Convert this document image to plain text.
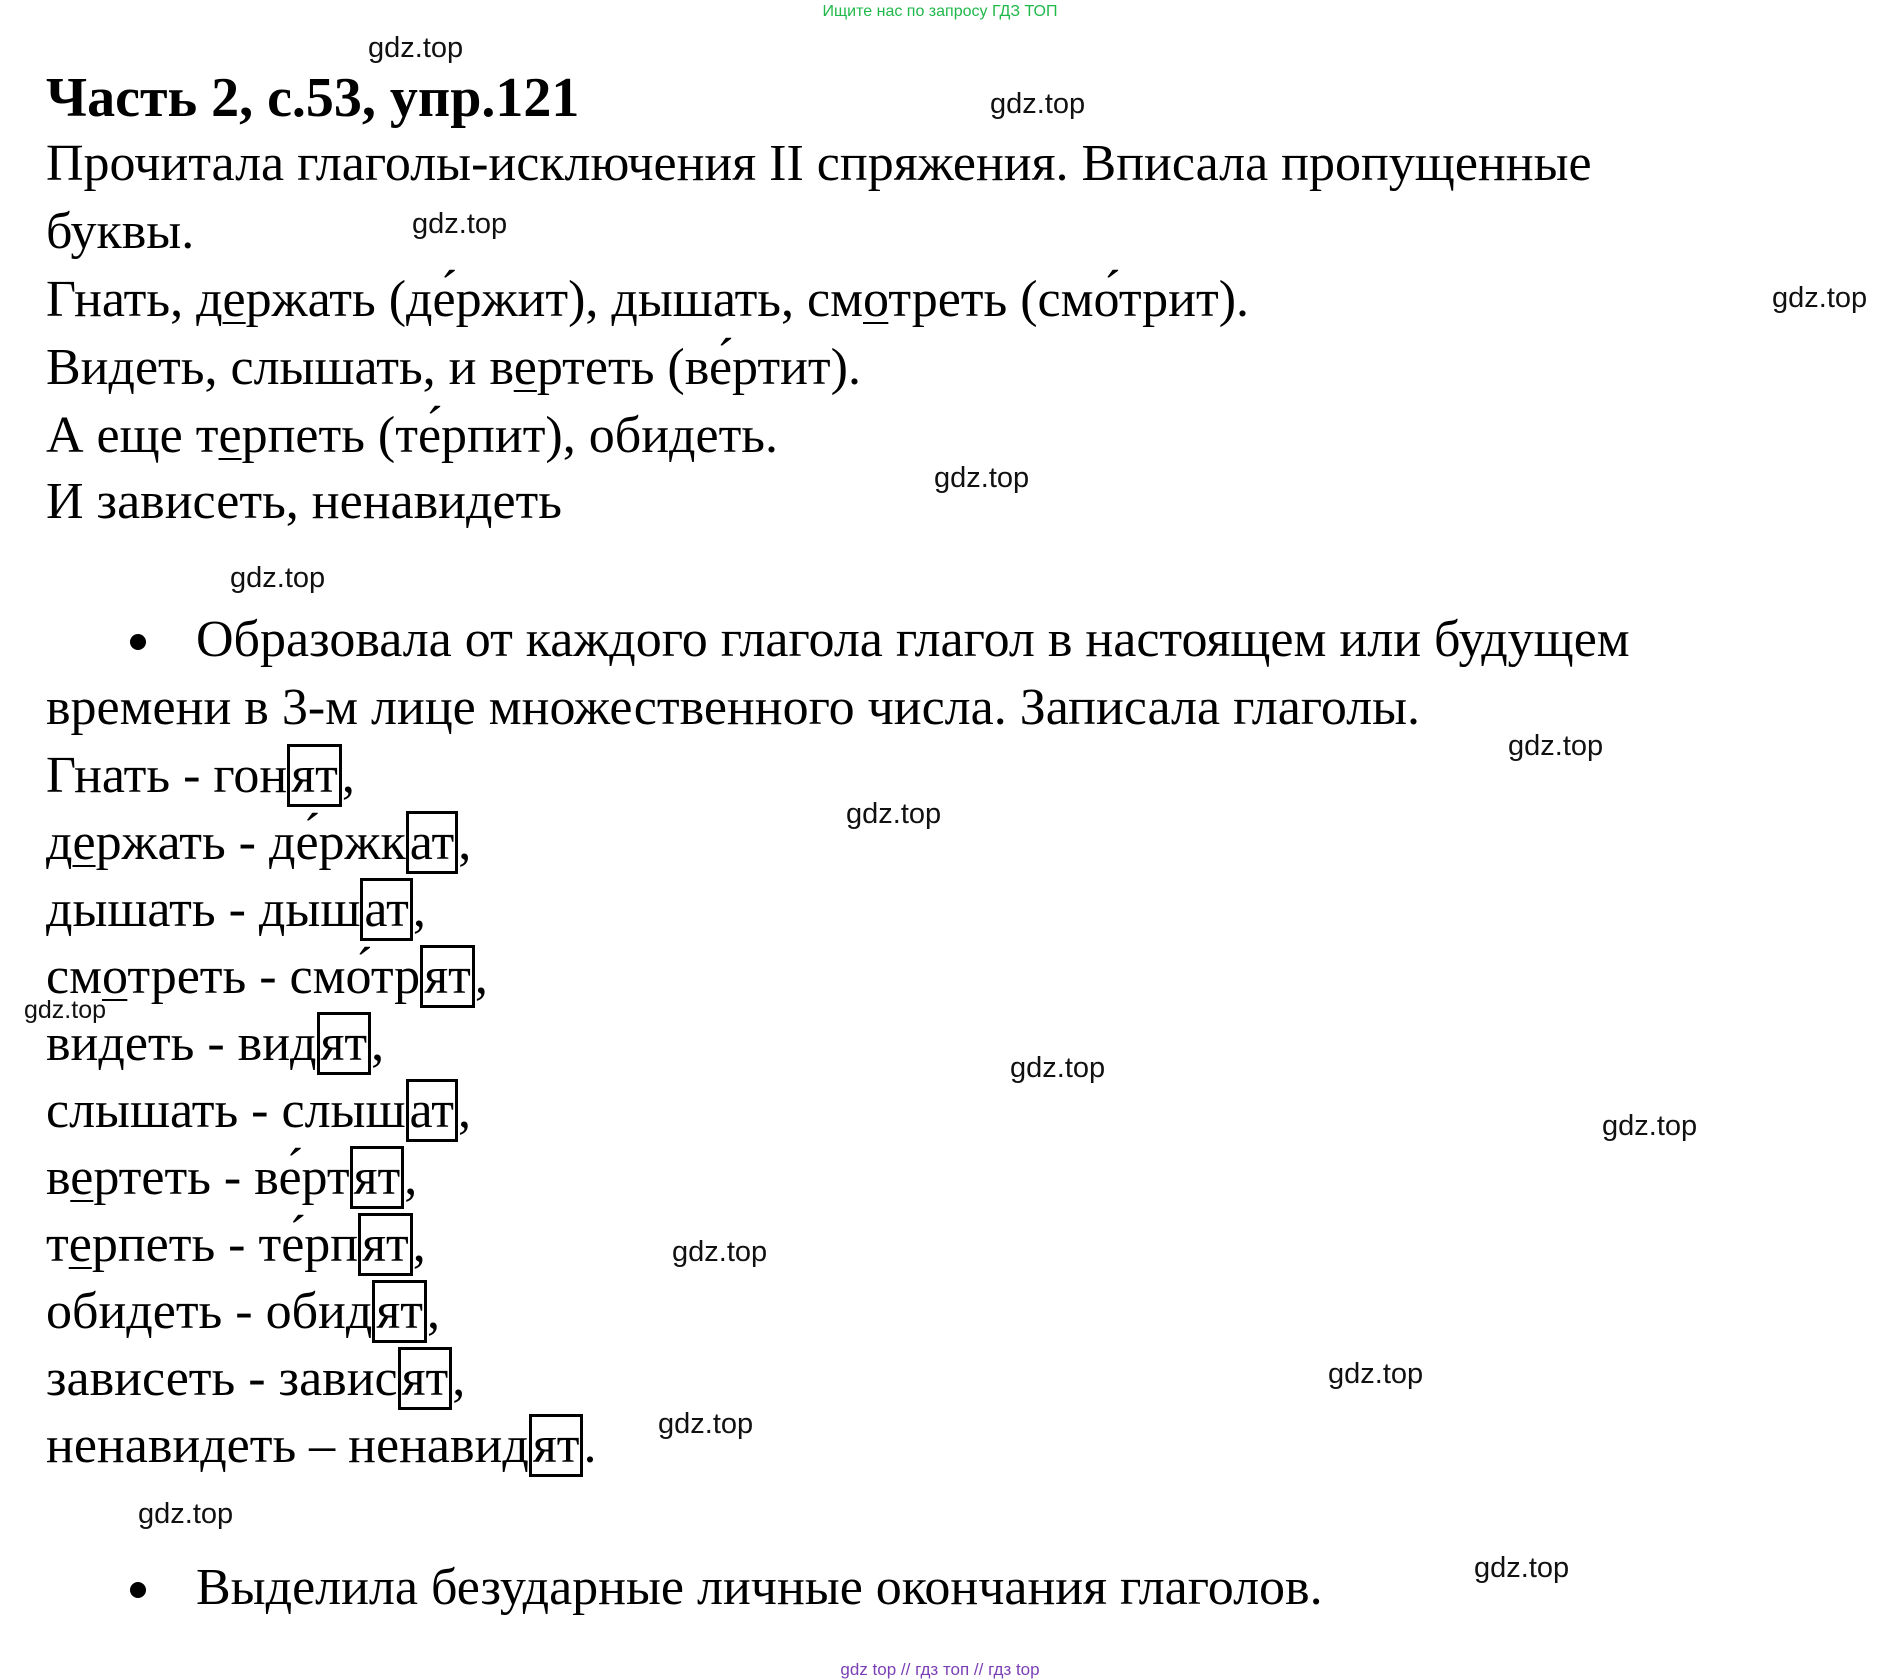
Ищите нас по запросу ГДЗ ТОП
Часть 2, с.53, упр.121
Прочитала глаголы-исключения II спряжения. Вписала пропущенные
буквы.
Гнать, держать (де́ржит), дышать, смотреть (смо́трит).
Видеть, слышать, и вертеть (ве́ртит).
А еще терпеть (те́рпит), обидеть.
И зависеть, ненавидеть
Образовала от каждого глагола глагол в настоящем или будущем
времени в 3-м лице множественного числа. Записала глаголы.
Гнать - гонят,
держать - де́ржкат,
дышать - дышат,
смотреть - смо́трят,
видеть - видят,
слышать - слышат,
вертеть - ве́ртят,
терпеть - те́рпят,
обидеть - обидят,
зависеть - зависят,
ненавидеть – ненавидят.
Выделила безударные личные окончания глаголов.
gdz.top
gdz.top
gdz.top
gdz.top
gdz.top
gdz.top
gdz.top
gdz.top
gdz.top
gdz.top
gdz.top
gdz.top
gdz.top
gdz.top
gdz.top
gdz.top
gdz top // гдз топ // гдз top
